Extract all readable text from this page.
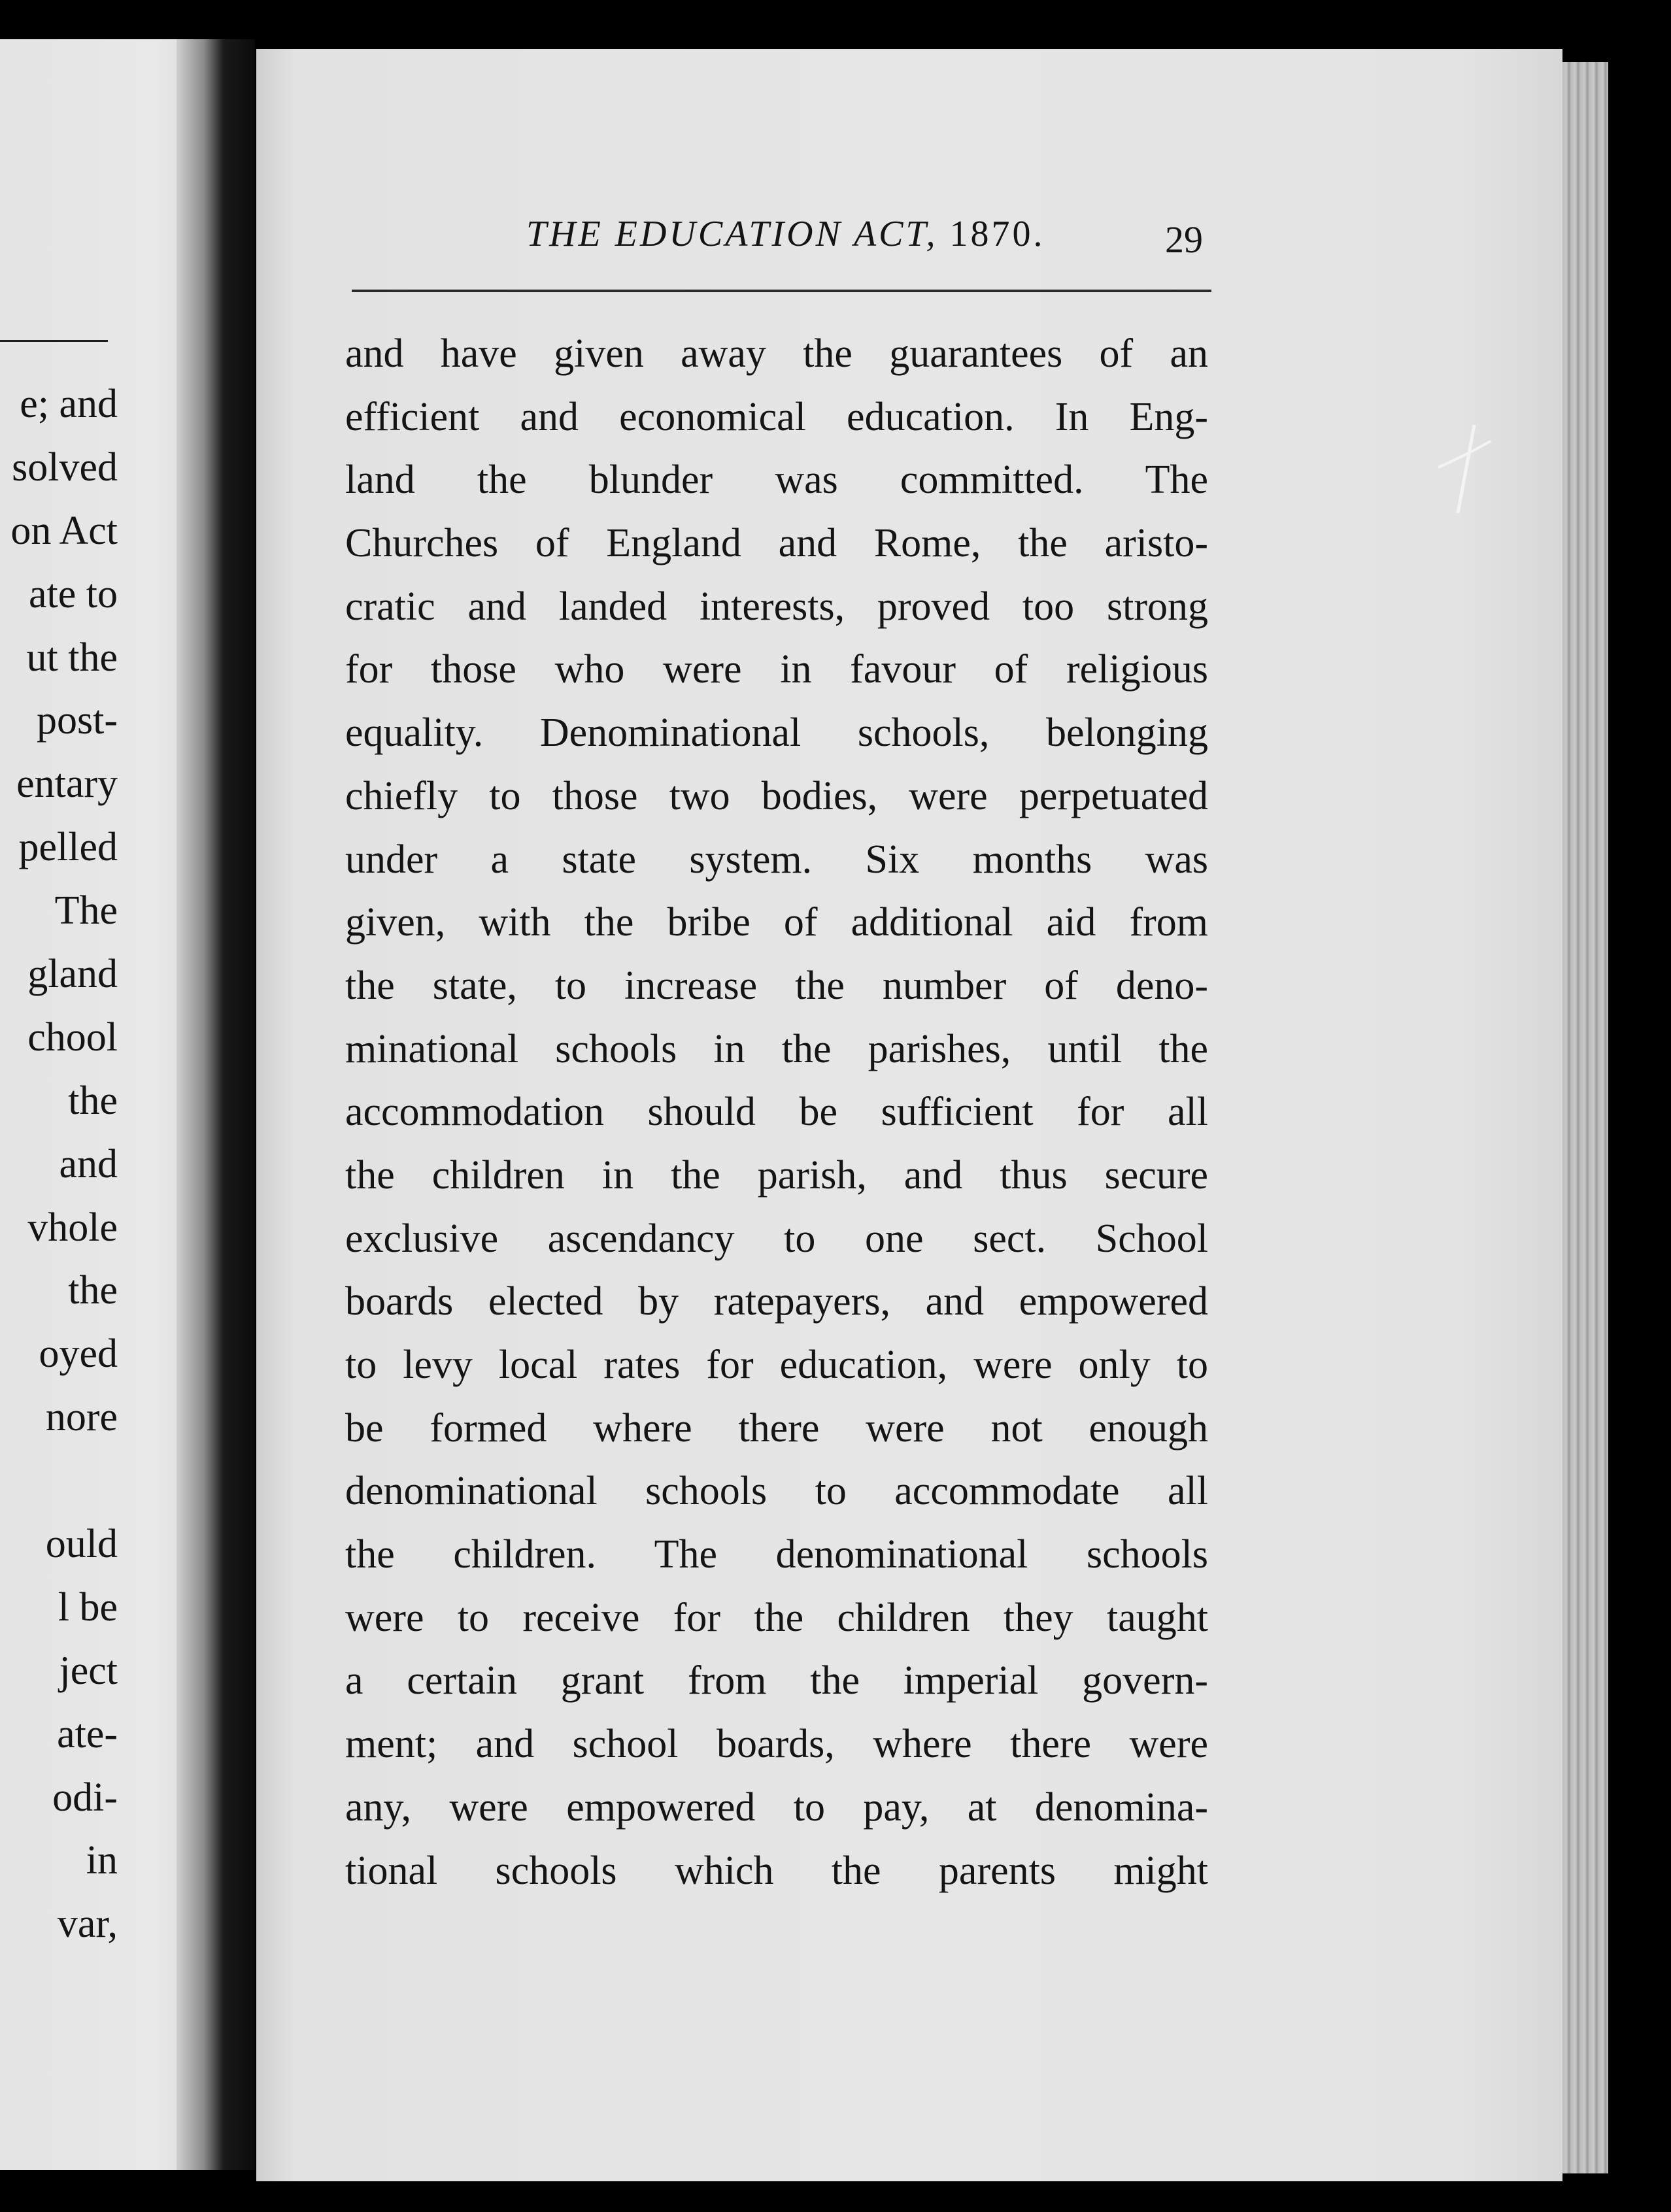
e; and
solved
on Act
ate to
ut the
post-
entary
pelled
The
gland
chool
the
and
vhole
the
oyed
nore
ould
l be
ject
ate-
odi-
in
var,
THE EDUCATION ACT, 1870.	29
and have given away the guarantees of an
efficient and economical education. In Eng-
land the blunder was committed. The
Churches of England and Rome, the aristo-
cratic and landed interests, proved too strong
for those who were in favour of religious
equality. Denominational schools, belonging
chiefly to those two bodies, were perpetuated
under a state system. Six months was
given, with the bribe of additional aid from
the state, to increase the number of deno-
minational schools in the parishes, until the
accommodation should be sufficient for all
the children in the parish, and thus secure
exclusive ascendancy to one sect. School
boards elected by ratepayers, and empowered
to levy local rates for education, were only to
be formed where there were not enough
denominational schools to accommodate all
the children. The denominational schools
were to receive for the children they taught
a certain grant from the imperial govern-
ment; and school boards, where there were
any, were empowered to pay, at denomina-
tional schools which the parents might
